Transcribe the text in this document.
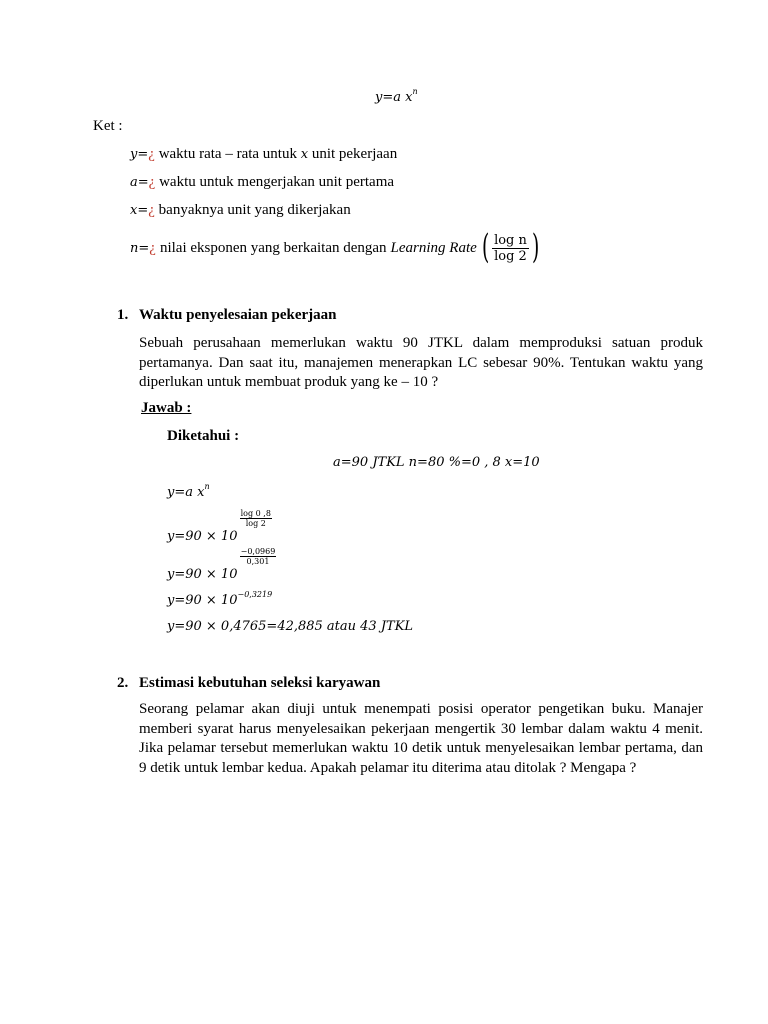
y=a $x^n$
Ket :
y=¿ waktu rata – rata untuk x unit pekerjaan
a=¿ waktu untuk mengerjakan unit pertama
x=¿ banyaknya unit yang dikerjakan
n = ¿ nilai eksponen yang berkaitan dengan Learning Rate ( $\frac{\text{log n}}{\log 2}$ )
1. Waktu penyelesaian pekerjaan
Sebuah perusahaan memerlukan waktu 90 JTKL dalam memproduksi satuan produk pertamanya. Dan saat itu, manajemen menerapkan LC sebesar 90%. Tentukan waktu yang diperlukan untuk membuat produk yang ke – 10 ?
Jawab :
Diketahui :
a=90 JTKL n=80 %=0 , 8 x=10
y=a $x^n$
y=90 × 10
$\frac{\log 0 ,8}{\log 2}$
y=90 × 10
$\frac{-0,0969}{0,301}$
$y=90 \times 10^{-0,3219}$
y=90 × 0,4765=42,885 atau 43 JTKL
2. Estimasi kebutuhan seleksi karyawan
Seorang pelamar akan diuji untuk menempati posisi operator pengetikan buku. Manajer memberi syarat harus menyelesaikan pekerjaan mengertik 30 lembar dalam waktu 4 menit. Jika pelamar tersebut memerlukan waktu 10 detik untuk menyelesaikan lembar pertama, dan 9 detik untuk lembar kedua. Apakah pelamar itu diterima atau ditolak ? Mengapa ?
